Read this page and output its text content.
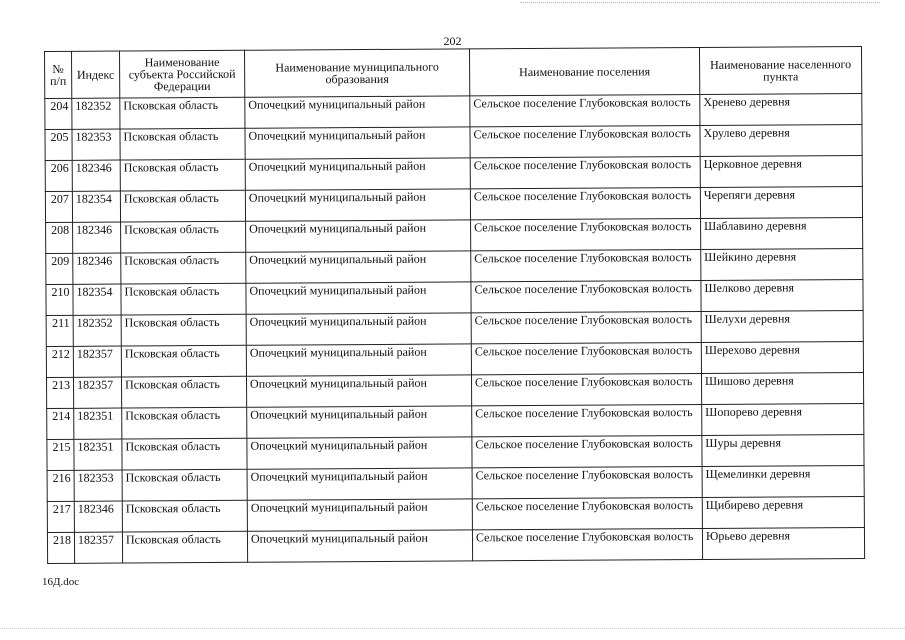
202
№ п/п	Индекс	Наименование субъекта Российской Федерации	Наименование муниципального образования	Наименование поселения	Наименование населенного пункта
204	182352	Псковская область	Опочецкий муниципальный район	Сельское поселение Глубоковская волость	Хренево деревня
205	182353	Псковская область	Опочецкий муниципальный район	Сельское поселение Глубоковская волость	Хрулево деревня
206	182346	Псковская область	Опочецкий муниципальный район	Сельское поселение Глубоковская волость	Церковное деревня
207	182354	Псковская область	Опочецкий муниципальный район	Сельское поселение Глубоковская волость	Черепяги деревня
208	182346	Псковская область	Опочецкий муниципальный район	Сельское поселение Глубоковская волость	Шаблавино деревня
209	182346	Псковская область	Опочецкий муниципальный район	Сельское поселение Глубоковская волость	Шейкино деревня
210	182354	Псковская область	Опочецкий муниципальный район	Сельское поселение Глубоковская волость	Шелково деревня
211	182352	Псковская область	Опочецкий муниципальный район	Сельское поселение Глубоковская волость	Шелухи деревня
212	182357	Псковская область	Опочецкий муниципальный район	Сельское поселение Глубоковская волость	Шерехово деревня
213	182357	Псковская область	Опочецкий муниципальный район	Сельское поселение Глубоковская волость	Шишово деревня
214	182351	Псковская область	Опочецкий муниципальный район	Сельское поселение Глубоковская волость	Шопорево деревня
215	182351	Псковская область	Опочецкий муниципальный район	Сельское поселение Глубоковская волость	Шуры деревня
216	182353	Псковская область	Опочецкий муниципальный район	Сельское поселение Глубоковская волость	Щемелинки деревня
217	182346	Псковская область	Опочецкий муниципальный район	Сельское поселение Глубоковская волость	Щибирево деревня
218	182357	Псковская область	Опочецкий муниципальный район	Сельское поселение Глубоковская волость	Юрьево деревня
16Д.doc
